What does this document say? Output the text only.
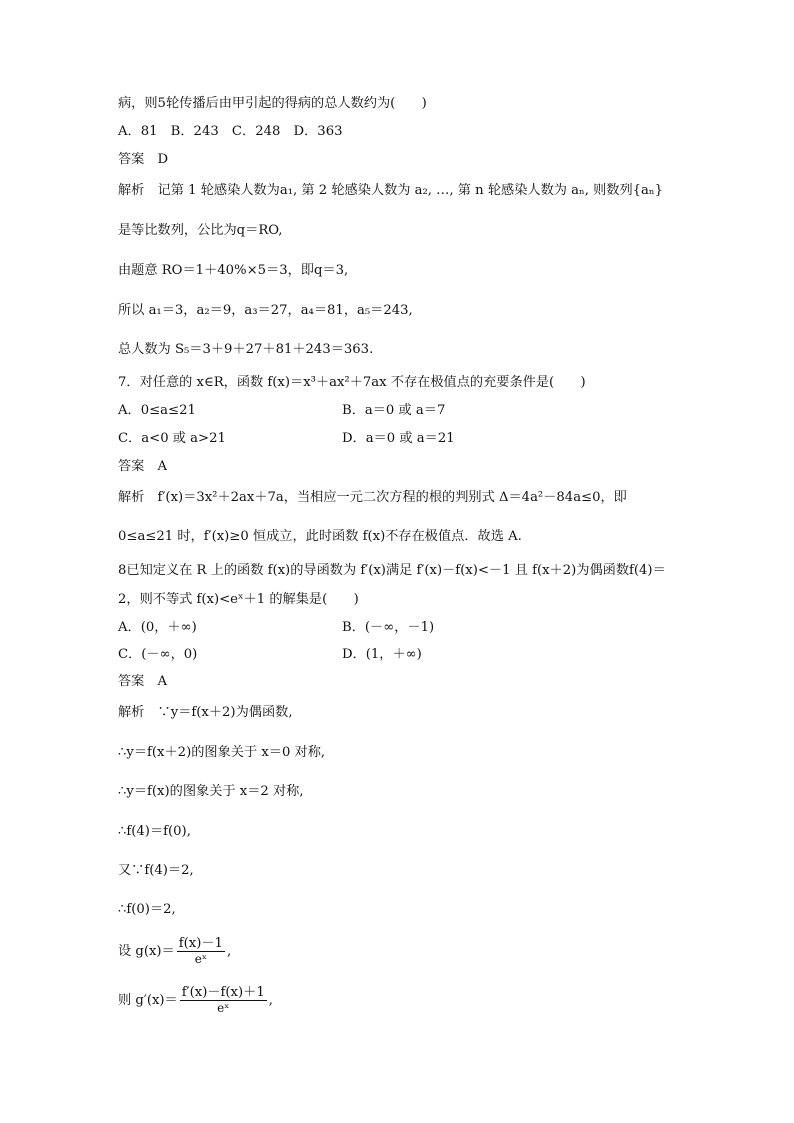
病，则5轮传播后由甲引起的得病的总人数约为(　　)
A．81　B．243　C．248　D．363
答案　D
解析　记第 1 轮感染人数为a₁, 第 2 轮感染人数为 a₂, …, 第 n 轮感染人数为 aₙ, 则数列{aₙ}
是等比数列，公比为q＝RO,
由题意 RO＝1＋40%×5＝3，即q＝3,
所以 a₁＝3，a₂＝9，a₃＝27，a₄＝81，a₅＝243,
总人数为 S₅＝3＋9＋27＋81＋243＝363.
7．对任意的 x∈R，函数 f(x)＝x³＋ax²＋7ax 不存在极值点的充要条件是(　　)
A．0≤a≤21	B．a＝0 或 a＝7
C．a<0 或 a>21	D．a＝0 或 a＝21
答案　A
解析　f′(x)＝3x²＋2ax＋7a，当相应一元二次方程的根的判别式 Δ＝4a²－84a≤0，即
0≤a≤21 时，f′(x)≥0 恒成立，此时函数 f(x)不存在极值点．故选 A.
8已知定义在 R 上的函数 f(x)的导函数为 f′(x)满足 f′(x)－f(x)<－1 且 f(x＋2)为偶函数f(4)＝
2，则不等式 f(x)<eˣ＋1 的解集是(　　)
A．(0，＋∞)	B．(－∞，－1)
C．(－∞，0)	D．(1，＋∞)
答案　A
解析　∵y＝f(x＋2)为偶函数,
∴y＝f(x＋2)的图象关于 x＝0 对称,
∴y＝f(x)的图象关于 x＝2 对称,
∴f(4)＝f(0),
又∵f(4)＝2,
∴f(0)＝2,
设 $g(x)= \frac{f(x)-1}{\text{eˣ}}$ ,
则 $g'(x)= \frac{f'(x)-f(x)+1}{\text{eˣ}}$ ,
